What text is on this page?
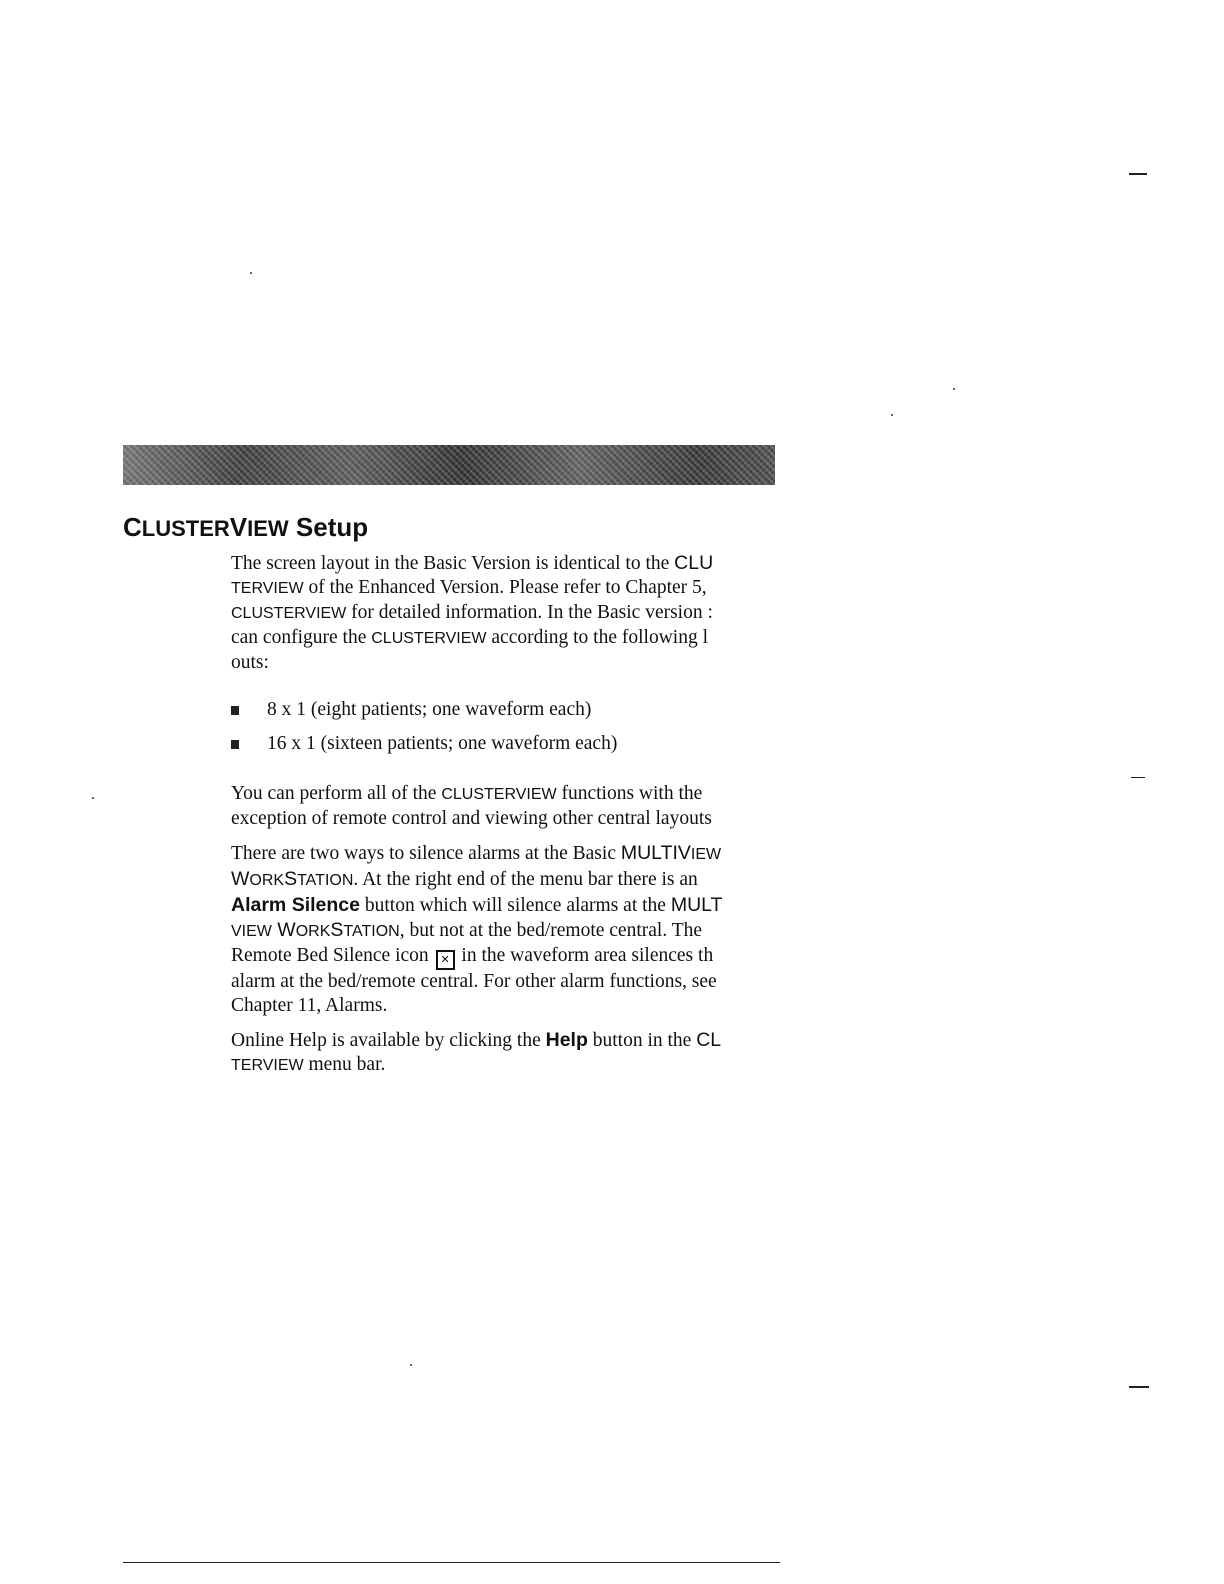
CLUSTERVIEW Setup

The screen layout in the Basic Version is identical to the CLU

TERVIEW of the Enhanced Version. Please refer to Chapter 5,

CLUSTERVIEW for detailed information. In the Basic version :

can configure the CLUSTERVIEW according to the following l

outs:

8 x 1 (eight patients; one waveform each)
16 x 1 (sixteen patients; one waveform each)

You can perform all of the CLUSTERVIEW functions with the

exception of remote control and viewing other central layouts

There are two ways to silence alarms at the Basic MULTIVIEW

WORKSTATION. At the right end of the menu bar there is an

Alarm Silence button which will silence alarms at the MULT

VIEW WORKSTATION, but not at the bed/remote central. The

Remote Bed Silence icon ✕ in the waveform area silences th

alarm at the bed/remote central. For other alarm functions, see

Chapter 11, Alarms.

Online Help is available by clicking the Help button in the CL

TERVIEW menu bar.
